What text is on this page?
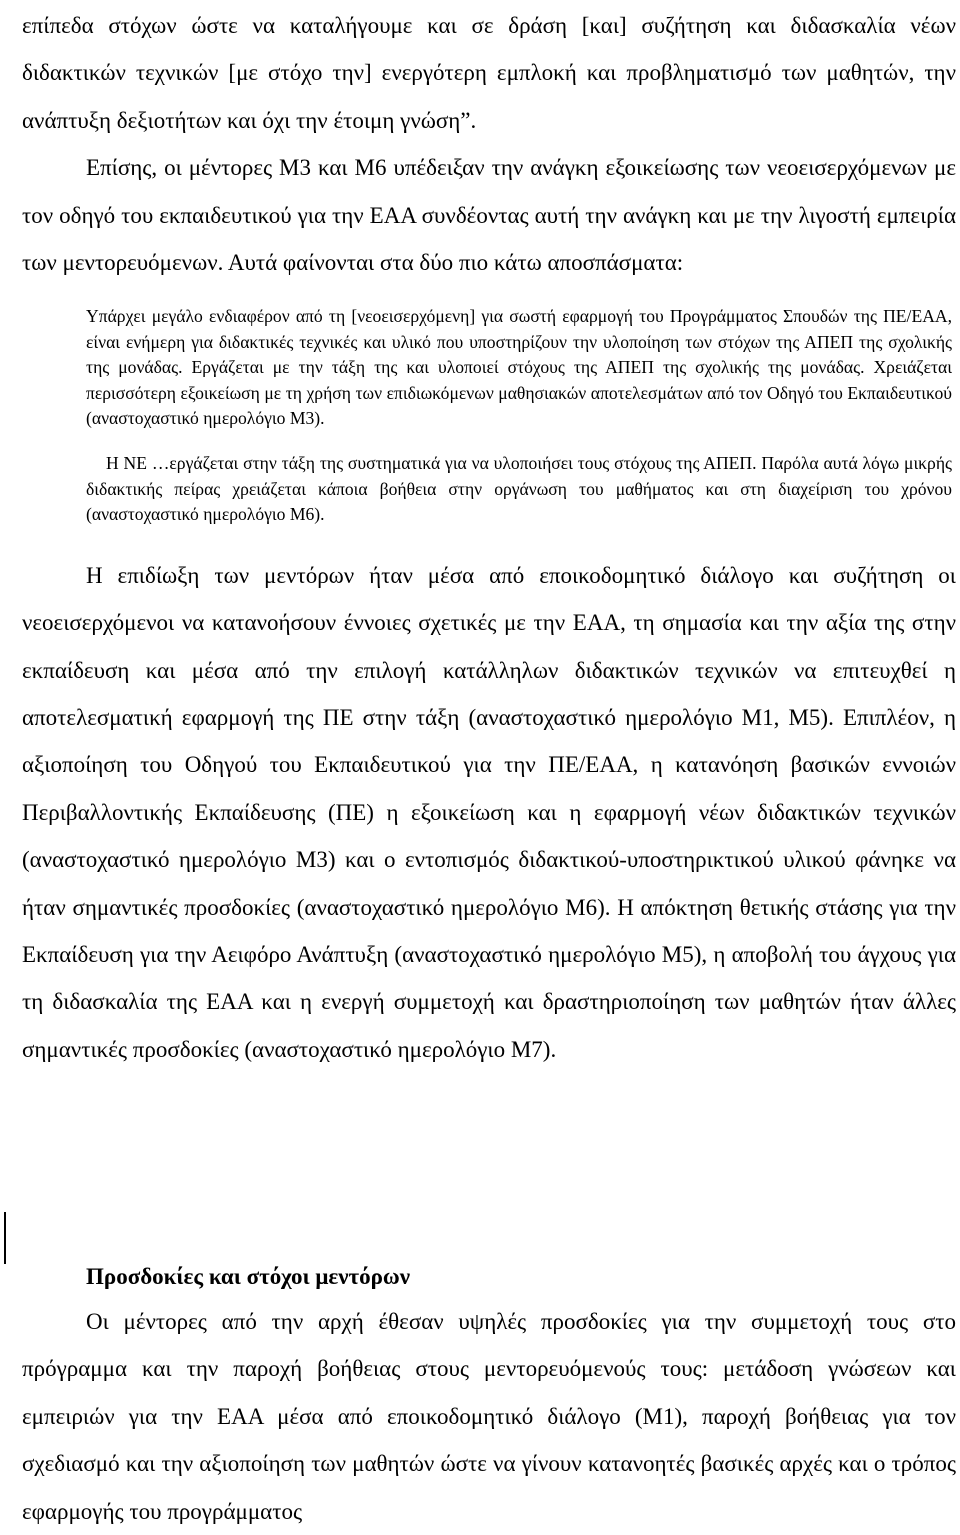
επίπεδα στόχων ώστε να καταλήγουμε και σε δράση [και] συζήτηση και διδασκαλία νέων διδακτικών τεχνικών [με στόχο την] ενεργότερη εμπλοκή και προβληματισμό των μαθητών, την ανάπτυξη δεξιοτήτων και όχι την έτοιμη γνώση”.

Επίσης, οι μέντορες Μ3 και Μ6 υπέδειξαν την ανάγκη εξοικείωσης των νεοεισερχόμενων με τον οδηγό του εκπαιδευτικού για την ΕΑΑ συνδέοντας αυτή την ανάγκη και με την λιγοστή εμπειρία των μεντορευόμενων. Αυτά φαίνονται στα δύο πιο κάτω αποσπάσματα:

Υπάρχει μεγάλο ενδιαφέρον από τη [νεοεισερχόμενη] για σωστή εφαρμογή του Προγράμματος Σπουδών της ΠΕ/ΕΑΑ, είναι ενήμερη για διδακτικές τεχνικές και υλικό που υποστηρίζουν την υλοποίηση των στόχων της ΑΠΕΠ της σχολικής της μονάδας. Εργάζεται με την τάξη της και υλοποιεί στόχους της ΑΠΕΠ της σχολικής της μονάδας. Χρειάζεται περισσότερη εξοικείωση με τη χρήση των επιδιωκόμενων μαθησιακών αποτελεσμάτων από τον Οδηγό του Εκπαιδευτικού (αναστοχαστικό ημερολόγιο Μ3).

Η ΝΕ …εργάζεται στην τάξη της συστηματικά για να υλοποιήσει τους στόχους της ΑΠΕΠ. Παρόλα αυτά λόγω μικρής διδακτικής πείρας χρειάζεται κάποια βοήθεια στην οργάνωση του μαθήματος και στη διαχείριση του χρόνου (αναστοχαστικό ημερολόγιο Μ6).

Η επιδίωξη των μεντόρων ήταν μέσα από εποικοδομητικό διάλογο και συζήτηση οι νεοεισερχόμενοι να κατανοήσουν έννοιες σχετικές με την ΕΑΑ, τη σημασία και την αξία της στην εκπαίδευση και μέσα από την επιλογή κατάλληλων διδακτικών τεχνικών να επιτευχθεί η αποτελεσματική εφαρμογή της ΠΕ στην τάξη (αναστοχαστικό ημερολόγιο Μ1, Μ5). Επιπλέον, η αξιοποίηση του Οδηγού του Εκπαιδευτικού για την ΠΕ/ΕΑΑ, η κατανόηση βασικών εννοιών Περιβαλλοντικής Εκπαίδευσης (ΠΕ) η εξοικείωση και η εφαρμογή νέων διδακτικών τεχνικών (αναστοχαστικό ημερολόγιο Μ3) και ο εντοπισμός διδακτικού-υποστηρικτικού υλικού φάνηκε να ήταν σημαντικές προσδοκίες (αναστοχαστικό ημερολόγιο Μ6). Η απόκτηση θετικής στάσης για την Εκπαίδευση για την Αειφόρο Ανάπτυξη (αναστοχαστικό ημερολόγιο Μ5), η αποβολή του άγχους για τη διδασκαλία της ΕΑΑ και η ενεργή συμμετοχή και δραστηριοποίηση των μαθητών ήταν άλλες σημαντικές προσδοκίες (αναστοχαστικό ημερολόγιο Μ7).

Προσδοκίες και στόχοι μεντόρων

Οι μέντορες από την αρχή έθεσαν υψηλές προσδοκίες για την συμμετοχή τους στο πρόγραμμα και την παροχή βοήθειας στους μεντορευόμενούς τους: μετάδοση γνώσεων και εμπειριών για την ΕΑΑ μέσα από εποικοδομητικό διάλογο (Μ1), παροχή βοήθειας για τον σχεδιασμό και την αξιοποίηση των μαθητών ώστε να γίνουν κατανοητές βασικές αρχές και ο τρόπος εφαρμογής του προγράμματος
